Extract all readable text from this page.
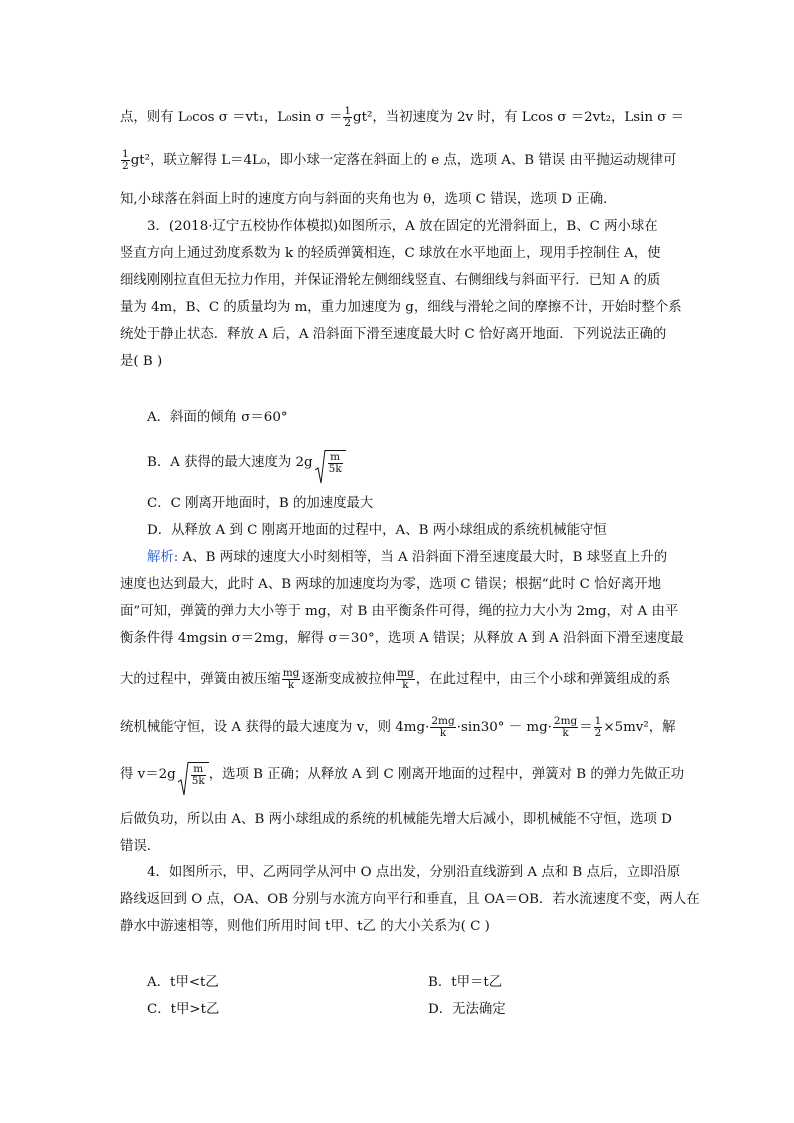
点，则有 L₀cos σ ＝vt₁，L₀sin $\sigma = \frac{1}{2} gt^2$，当初速度为 2v 时，有 Lcos σ ＝2vt₂，Lsin σ ＝
$\frac{1}{2} gt^2$，联立解得 L＝4L₀，即小球一定落在斜面上的 e 点，选项 A、B 错误 由平抛运动规律可
知,小球落在斜面上时的速度方向与斜面的夹角也为 θ，选项 C 错误，选项 D 正确．
3．(2018·辽宁五校协作体模拟)如图所示，A 放在固定的光滑斜面上，B、C 两小球在
竖直方向上通过劲度系数为 k 的轻质弹簧相连，C 球放在水平地面上，现用手控制住 A，使
细线刚刚拉直但无拉力作用，并保证滑轮左侧细线竖直、右侧细线与斜面平行．已知 A 的质
量为 4m，B、C 的质量均为 m，重力加速度为 g，细线与滑轮之间的摩擦不计，开始时整个系
统处于静止状态．释放 A 后，A 沿斜面下滑至速度最大时 C 恰好离开地面．下列说法正确的
是( B )
A．斜面的倾角 σ＝60°
B．A 获得的最大速度为 $2g \frac{m}{5k}$
C．C 刚离开地面时，B 的加速度最大
D．从释放 A 到 C 刚离开地面的过程中，A、B 两小球组成的系统机械能守恒
解析: A、B 两球的速度大小时刻相等，当 A 沿斜面下滑至速度最大时，B 球竖直上升的
速度也达到最大，此时 A、B 两球的加速度均为零，选项 C 错误；根据“此时 C 恰好离开地
面”可知，弹簧的弹力大小等于 mg，对 B 由平衡条件可得，绳的拉力大小为 2mg，对 A 由平
衡条件得 4mgsin σ＝2mg，解得 σ＝30°，选项 A 错误；从释放 A 到 A 沿斜面下滑至速度最
大的过程中，弹簧由被压缩 $\frac{mg}{k}$ 逐渐变成被拉伸 $\frac{mg}{k}$ ，在此过程中，由三个小球和弹簧组成的系
统机械能守恒，设 A 获得的最大速度为 v，则 $4mg\cdot \frac{2mg}{k} \cdot\sin 30^\circ - mg\cdot \frac{2mg}{k} = \frac{1}{2} \times 5mv^2$，解
得 $v=2g \frac{m}{5k}$ ，选项 B 正确；从释放 A 到 C 刚离开地面的过程中，弹簧对 B 的弹力先做正功
后做负功，所以由 A、B 两小球组成的系统的机械能先增大后减小，即机械能不守恒，选项 D
错误．
4．如图所示，甲、乙两同学从河中 O 点出发，分别沿直线游到 A 点和 B 点后，立即沿原
路线返回到 O 点，OA、OB 分别与水流方向平行和垂直，且 OA＝OB．若水流速度不变，两人在
静水中游速相等，则他们所用时间 t甲、t乙 的大小关系为( C )
A．t甲<t乙	B．t甲＝t乙
C．t甲>t乙	D．无法确定
